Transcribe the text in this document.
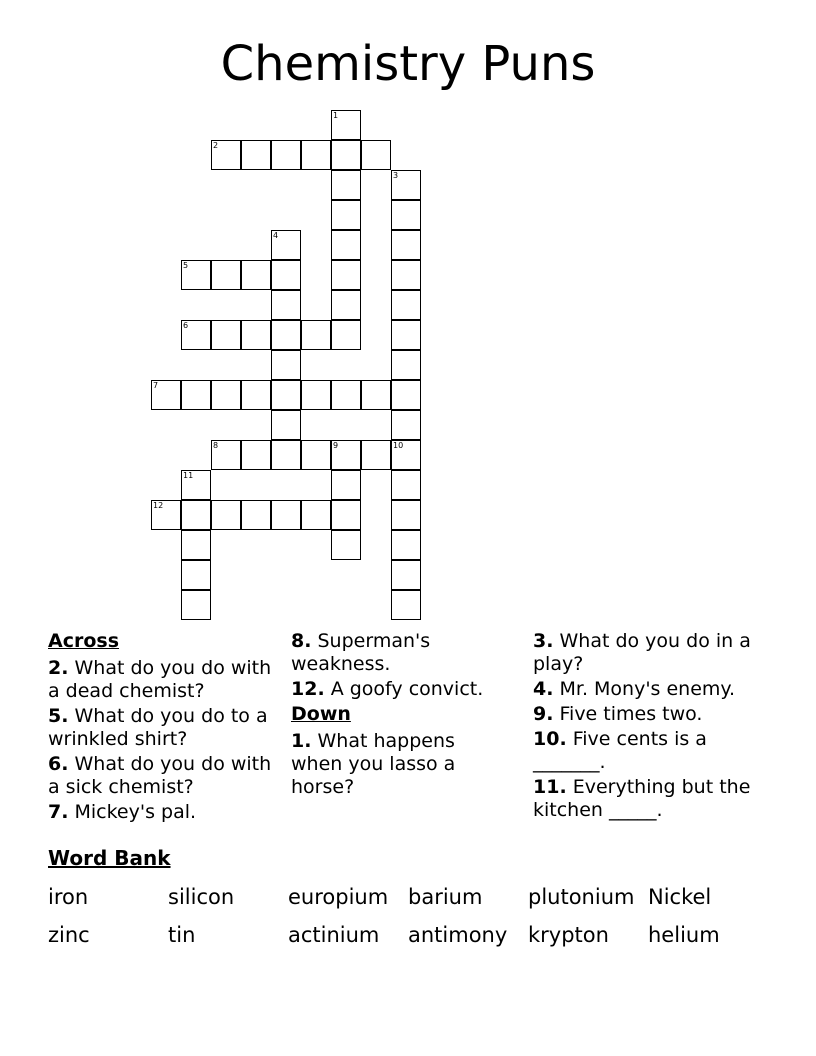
Chemistry Puns
1
2
3
4
5
6
7
8	9	10
11
12
Across
2. What do you do with a dead chemist?
5. What do you do to a wrinkled shirt?
6. What do you do with a sick chemist?
7. Mickey's pal.
8. Superman's weakness.
12. A goofy convict.
Down
1. What happens when you lasso a horse?
3. What do you do in a play?
4. Mr. Mony's enemy.
9. Five times two.
10. Five cents is a _______.
11. Everything but the kitchen _____.
Word Bank
iron	silicon	europium barium plutonium Nickel
zinc	tin	actinium antimony krypton helium
